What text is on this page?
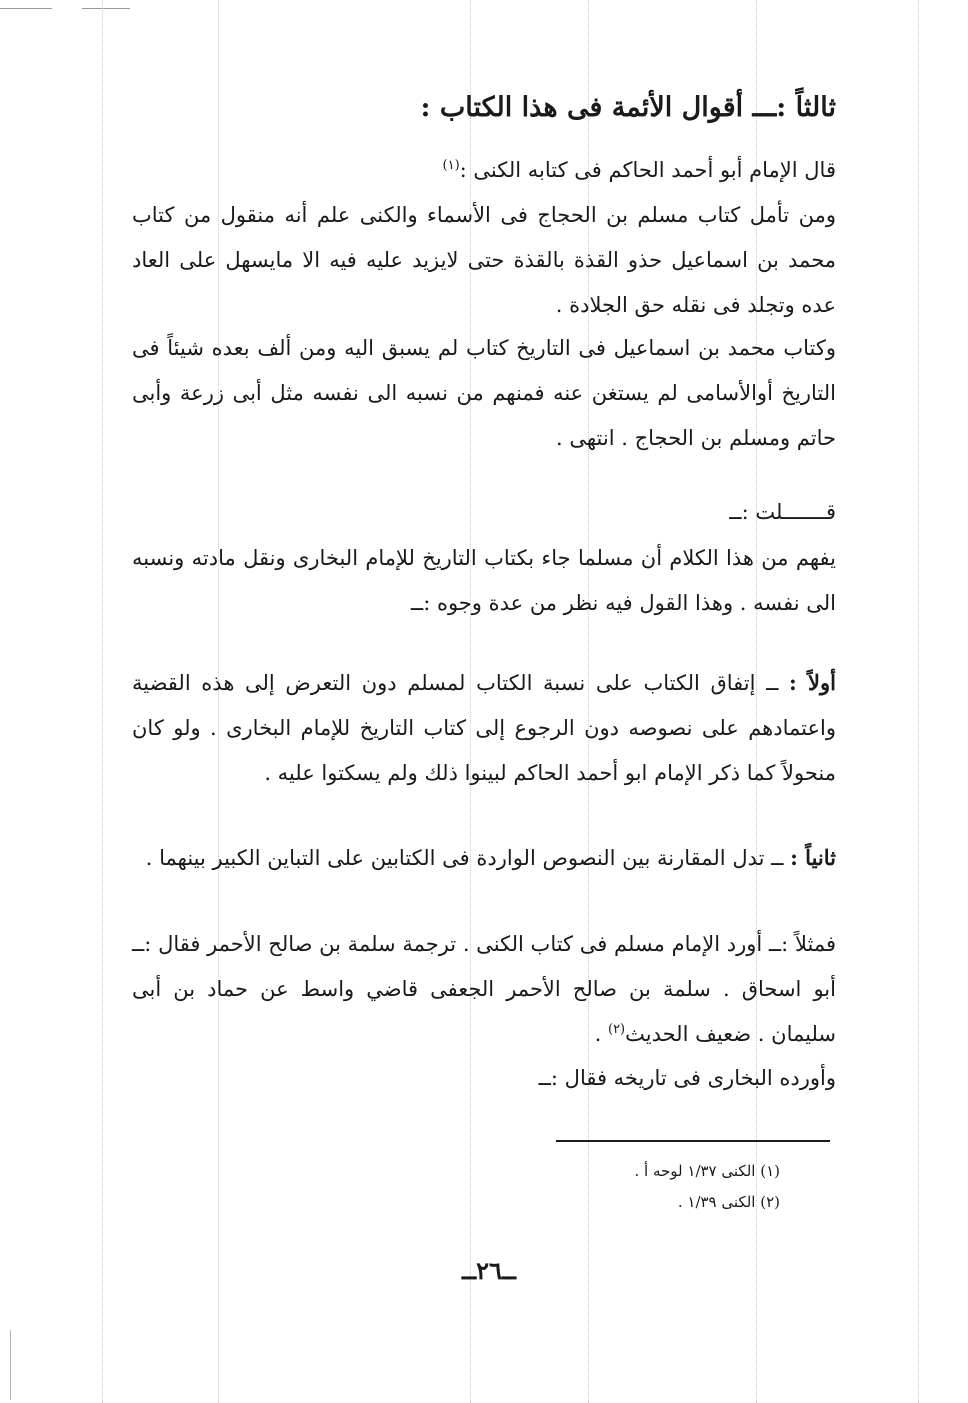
ثالثاً :ـــ أقوال الأئمة فى هذا الكتاب :
قال الإمام أبو أحمد الحاكم فى كتابه الكنى :$^{(١)}$
ومن تأمل كتاب مسلم بن الحجاج فى الأسماء والكنى علم أنه منقول من كتاب محمد بن اسماعيل حذو القذة بالقذة حتى لايزيد عليه فيه الا مايسهل على العاد عده وتجلد فى نقله حق الجلادة .
وكتاب محمد بن اسماعيل فى التاريخ كتاب لم يسبق اليه ومن ألف بعده شيئاً فى التاريخ أوالأسامى لم يستغن عنه فمنهم من نسبه الى نفسه مثل أبى زرعة وأبى حاتم ومسلم بن الحجاج . انتهى .
قـــــــلت :ــ
يفهم من هذا الكلام أن مسلما جاء بكتاب التاريخ للإمام البخارى ونقل مادته ونسبه الى نفسه . وهذا القول فيه نظر من عدة وجوه :ــ
أولاً : ــ إتفاق الكتاب على نسبة الكتاب لمسلم دون التعرض إلى هذه القضية واعتمادهم على نصوصه دون الرجوع إلى كتاب التاريخ للإمام البخارى . ولو كان منحولاً كما ذكر الإمام ابو أحمد الحاكم لبينوا ذلك ولم يسكتوا عليه .
ثانياً : ــ تدل المقارنة بين النصوص الواردة فى الكتابين على التباين الكبير بينهما .
فمثلاً :ــ أورد الإمام مسلم فى كتاب الكنى . ترجمة سلمة بن صالح الأحمر فقال :ــ أبو اسحاق . سلمة بن صالح الأحمر الجعفى قاضي واسط عن حماد بن أبى سليمان . ضعيف الحديث$^{(٢)}$ .
وأورده البخارى فى تاريخه فقال :ــ
(١) الكنى ١/٣٧ لوحه أ .
(٢) الكنى ١/٣٩ .
ــ٢٦ــ
